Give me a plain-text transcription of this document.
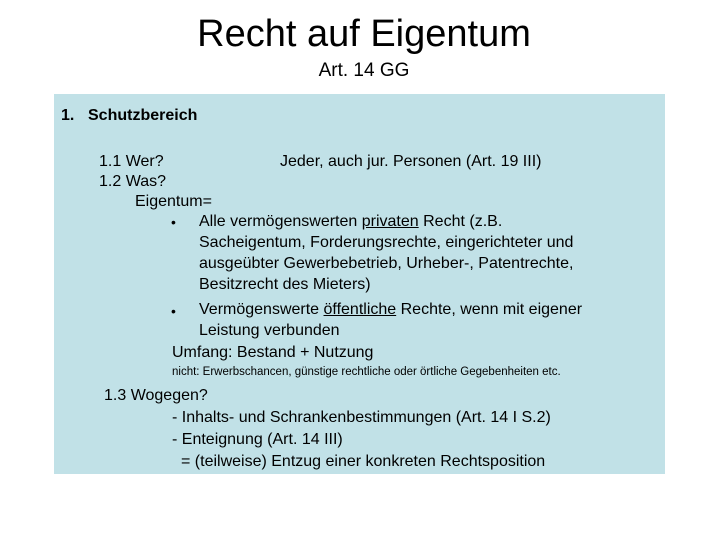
Recht auf Eigentum
Art. 14 GG
1. Schutzbereich
1.1 Wer?	Jeder, auch jur. Personen (Art. 19 III)
1.2 Was?
Eigentum=
• Alle vermögenswerten privaten Recht (z.B.
Sacheigentum, Forderungsrechte, eingerichteter und
ausgeübter Gewerbebetrieb, Urheber-, Patentrechte,
Besitzrecht des Mieters)
• Vermögenswerte öffentliche Rechte, wenn mit eigener
Leistung verbunden
Umfang: Bestand + Nutzung
nicht: Erwerbschancen, günstige rechtliche oder örtliche Gegebenheiten etc.
1.3 Wogegen?
- Inhalts- und Schrankenbestimmungen (Art. 14 I S.2)
- Enteignung (Art. 14 III)
= (teilweise) Entzug einer konkreten Rechtsposition
